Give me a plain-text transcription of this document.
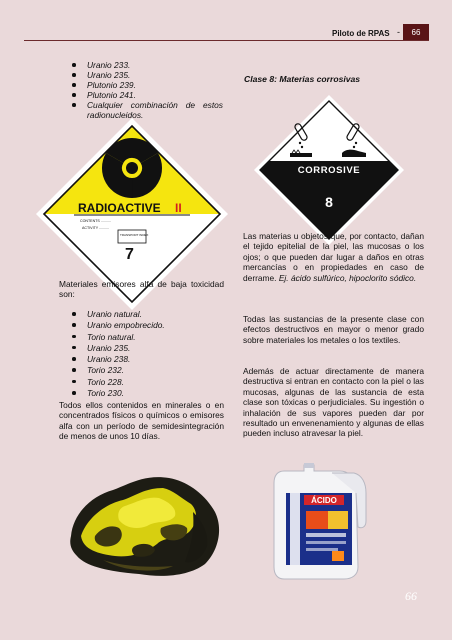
Piloto de RPAS -	66
Uranio 233.
Uranio 235.
Plutonio 239.
Plutonio 241.
Cualquier combinación de estos radionucleidos.
RADIOACTIVE II
CONTENTS ..........
ACTIVITY ..........
TRANSPORT INDEX
7

Materiales emisores alfa de baja toxicidad son:

Uranio natural.
Uranio empobrecido.
Torio natural.
Uranio 235.
Uranio 238.
Torio 232.
Torio 228.
Torio 230.

Todos ellos contenidos en minerales o en concentrados físicos o químicos o emisores alfa con un período de semidesintegración de menos de unos 10 días.

Clase 8: Materias corrosivas
CORROSIVE
8

Las materias u objetos que, por contacto, dañan el tejido epitelial de la piel, las mucosas o los ojos; o que pueden dar lugar a daños en otras mercancías o en propiedades en caso de derrame. Ej. ácido sulfúrico, hipoclorito sódico.

Todas las sustancias de la presente clase con efectos destructivos en mayor o menor grado sobre materiales los metales o los textiles.

Además de actuar directamente de manera destructiva si entran en contacto con la piel o las mucosas, algunas de las sustancia de esta clase son tóxicas o perjudiciales. Su ingestión o inhalación de sus vapores pueden dar por resultado un envenenamiento y algunas de ellas pueden incluso atravesar la piel.

ÁCIDO
66
